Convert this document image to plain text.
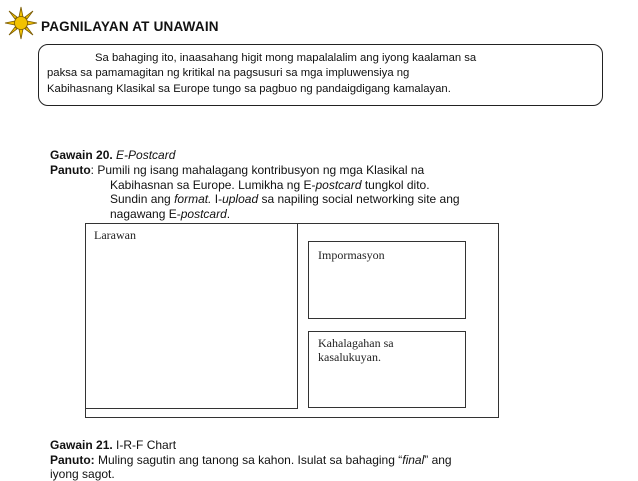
PAGNILAYAN AT UNAWAIN
Sa bahaging ito, inaasahang higit mong mapalalalim ang iyong kaalaman sa
paksa sa pamamagitan ng kritikal na pagsusuri sa mga impluwensiya ng
Kabihasnang Klasikal sa Europe tungo sa pagbuo ng pandaigdigang kamalayan.
Gawain 20. E-Postcard
Panuto: Pumili ng isang mahalagang kontribusyon ng mga Klasikal na
Kabihasnan sa Europe. Lumikha ng E-postcard tungkol dito.
Sundin ang format. I-upload sa napiling social networking site ang
nagawang E-postcard.
Larawan
Impormasyon
Kahalagahan sa kasalukuyan.
Gawain 21. I-R-F Chart
Panuto: Muling sagutin ang tanong sa kahon. Isulat sa bahaging “final” ang
iyong sagot.
